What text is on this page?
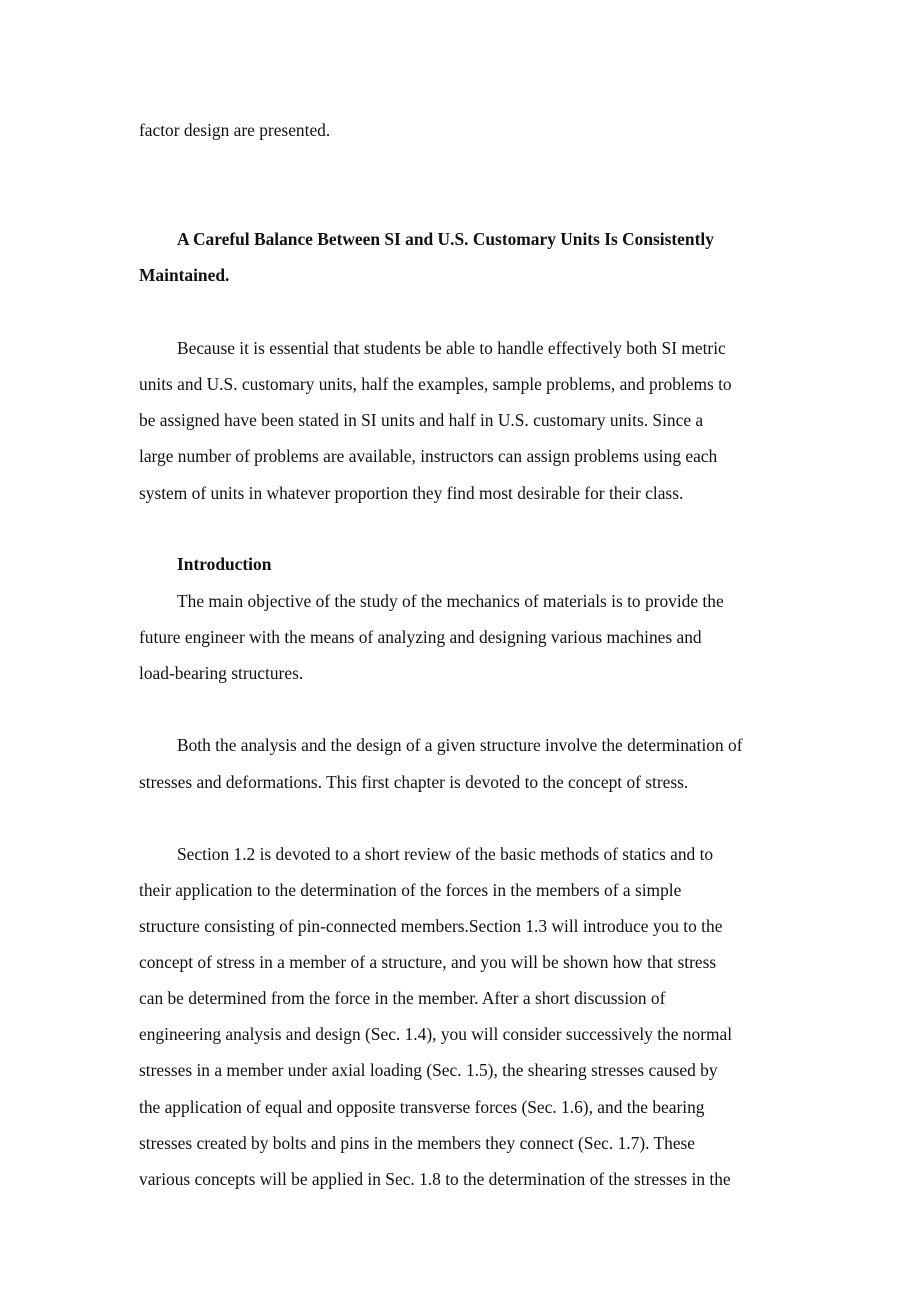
factor design are presented.
A Careful Balance Between SI and U.S. Customary Units Is Consistently
Maintained.
Because it is essential that students be able to handle effectively both SI metric
units and U.S. customary units, half the examples, sample problems, and problems to
be assigned have been stated in SI units and half in U.S. customary units. Since a
large number of problems are available, instructors can assign problems using each
system of units in whatever proportion they find most desirable for their class.
Introduction
The main objective of the study of the mechanics of materials is to provide the
future engineer with the means of analyzing and designing various machines and
load-bearing structures.
Both the analysis and the design of a given structure involve the determination of
stresses and deformations. This first chapter is devoted to the concept of stress.
Section 1.2 is devoted to a short review of the basic methods of statics and to
their application to the determination of the forces in the members of a simple
structure consisting of pin-connected members.Section 1.3 will introduce you to the
concept of stress in a member of a structure, and you will be shown how that stress
can be determined from the force in the member. After a short discussion of
engineering analysis and design (Sec. 1.4), you will consider successively the normal
stresses in a member under axial loading (Sec. 1.5), the shearing stresses caused by
the application of equal and opposite transverse forces (Sec. 1.6), and the bearing
stresses created by bolts and pins in the members they connect (Sec. 1.7). These
various concepts will be applied in Sec. 1.8 to the determination of the stresses in the
